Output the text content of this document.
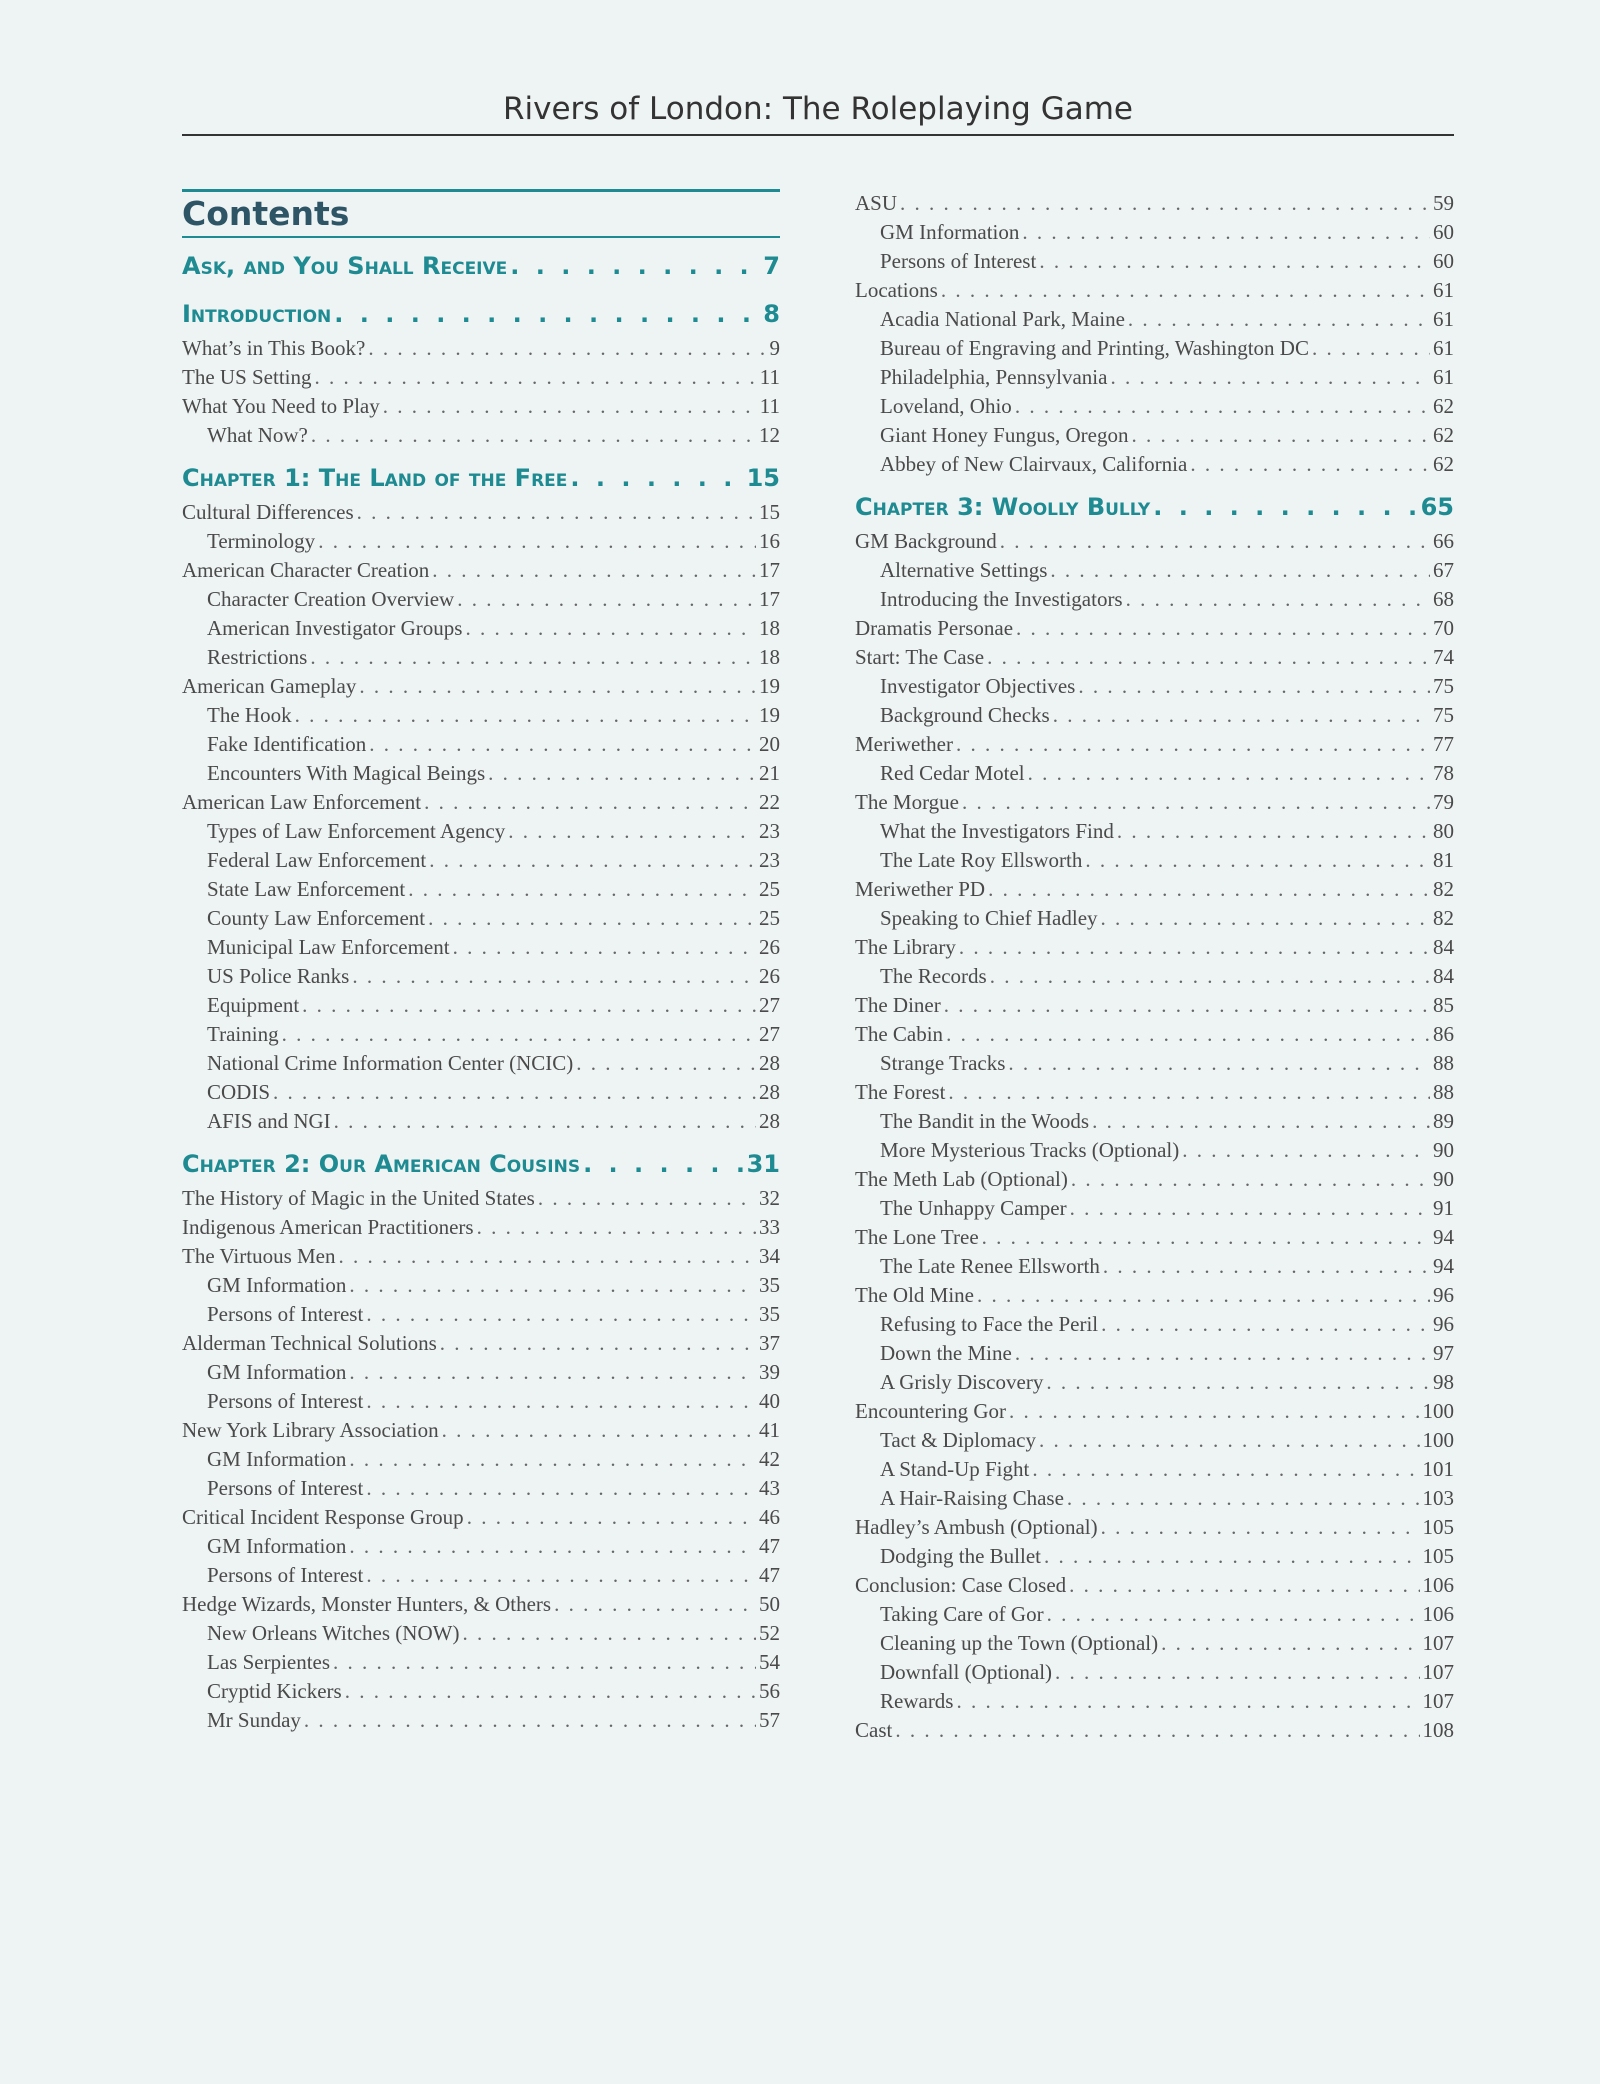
Rivers of London: The Roleplaying Game
Contents
Ask, and You Shall Receive . . .	7
Introduction . . .	8
What’s in This Book? . . .	9
The US Setting . . .	11
What You Need to Play . . .	11
What Now? . . .	12
Chapter 1: The Land of the Free . . .	15
Cultural Differences . . .	15
Terminology . . .	16
American Character Creation . . .	17
Character Creation Overview . . .	17
American Investigator Groups . . .	18
Restrictions . . .	18
American Gameplay . . .	19
The Hook . . .	19
Fake Identification . . .	20
Encounters With Magical Beings . . .	21
American Law Enforcement . . .	22
Types of Law Enforcement Agency . . .	23
Federal Law Enforcement . . .	23
State Law Enforcement . . .	25
County Law Enforcement . . .	25
Municipal Law Enforcement . . .	26
US Police Ranks . . .	26
Equipment . . .	27
Training . . .	27
National Crime Information Center (NCIC) . . .	28
CODIS . . .	28
AFIS and NGI . . .	28
Chapter 2: Our American Cousins . . .	31
The History of Magic in the United States . . .	32
Indigenous American Practitioners . . .	33
The Virtuous Men . . .	34
GM Information . . .	35
Persons of Interest . . .	35
Alderman Technical Solutions . . .	37
GM Information . . .	39
Persons of Interest . . .	40
New York Library Association . . .	41
GM Information . . .	42
Persons of Interest . . .	43
Critical Incident Response Group . . .	46
GM Information . . .	47
Persons of Interest . . .	47
Hedge Wizards, Monster Hunters, & Others . . .	50
New Orleans Witches (NOW) . . .	52
Las Serpientes . . .	54
Cryptid Kickers . . .	56
Mr Sunday . . .	57
ASU . . .	59
GM Information . . .	60
Persons of Interest . . .	60
Locations . . .	61
Acadia National Park, Maine . . .	61
Bureau of Engraving and Printing, Washington DC . . .	61
Philadelphia, Pennsylvania . . .	61
Loveland, Ohio . . .	62
Giant Honey Fungus, Oregon . . .	62
Abbey of New Clairvaux, California . . .	62
Chapter 3: Woolly Bully . . .	65
GM Background . . .	66
Alternative Settings . . .	67
Introducing the Investigators . . .	68
Dramatis Personae . . .	70
Start: The Case . . .	74
Investigator Objectives . . .	75
Background Checks . . .	75
Meriwether . . .	77
Red Cedar Motel . . .	78
The Morgue . . .	79
What the Investigators Find . . .	80
The Late Roy Ellsworth . . .	81
Meriwether PD . . .	82
Speaking to Chief Hadley . . .	82
The Library . . .	84
The Records . . .	84
The Diner . . .	85
The Cabin . . .	86
Strange Tracks . . .	88
The Forest . . .	88
The Bandit in the Woods . . .	89
More Mysterious Tracks (Optional) . . .	90
The Meth Lab (Optional) . . .	90
The Unhappy Camper . . .	91
The Lone Tree . . .	94
The Late Renee Ellsworth . . .	94
The Old Mine . . .	96
Refusing to Face the Peril . . .	96
Down the Mine . . .	97
A Grisly Discovery . . .	98
Encountering Gor . . .	100
Tact & Diplomacy . . .	100
A Stand-Up Fight . . .	101
A Hair-Raising Chase . . .	103
Hadley’s Ambush (Optional) . . .	105
Dodging the Bullet . . .	105
Conclusion: Case Closed . . .	106
Taking Care of Gor . . .	106
Cleaning up the Town (Optional) . . .	107
Downfall (Optional) . . .	107
Rewards . . .	107
Cast . . .	108
